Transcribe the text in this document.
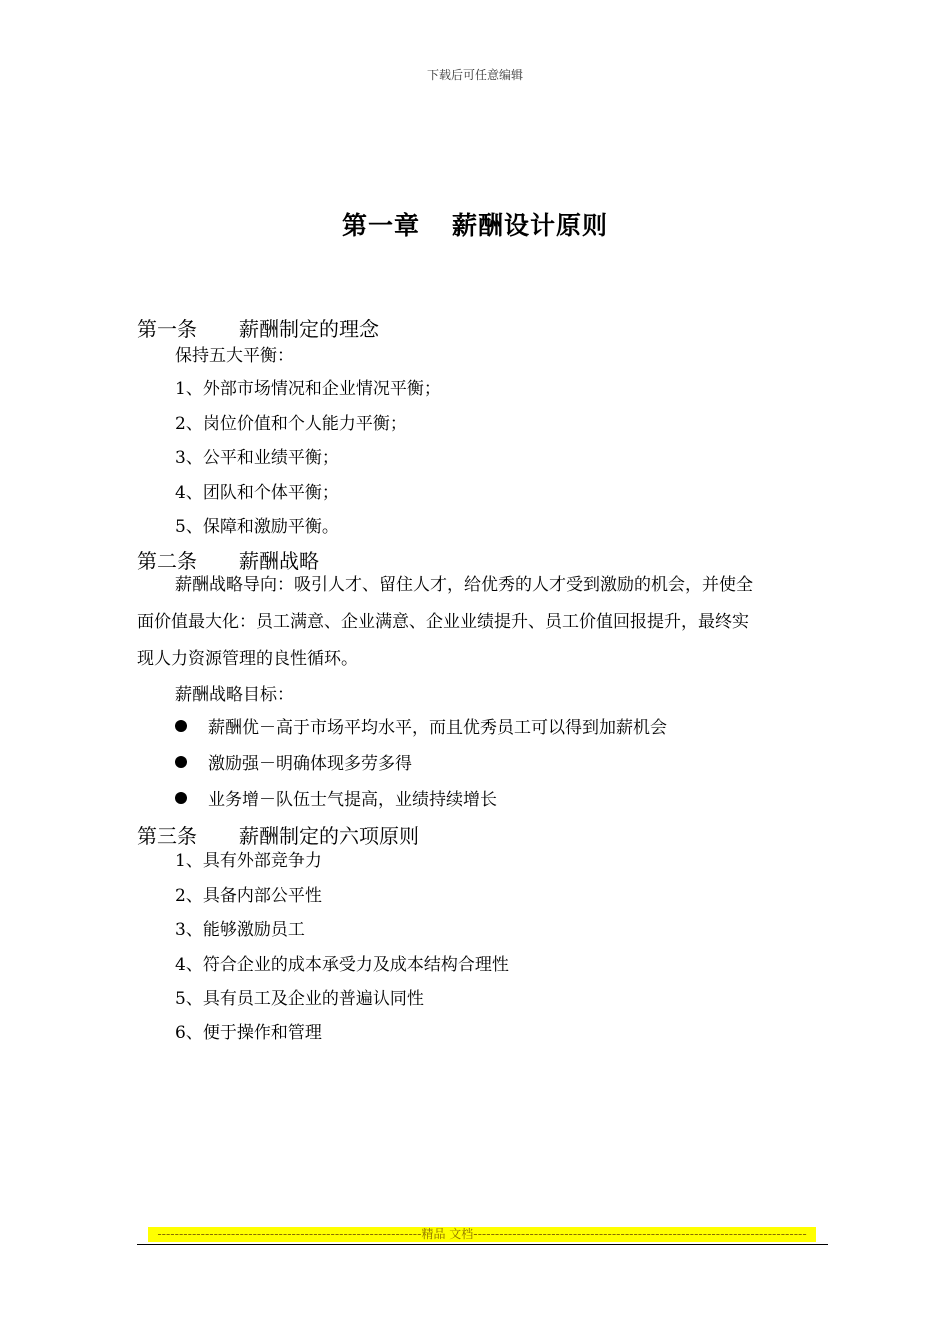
下载后可任意编辑
第一章 薪酬设计原则
第一条 薪酬制定的理念
保持五大平衡：
1、外部市场情况和企业情况平衡；
2、岗位价值和个人能力平衡；
3、公平和业绩平衡；
4、团队和个体平衡；
5、保障和激励平衡。
第二条 薪酬战略
薪酬战略导向：吸引人才、留住人才，给优秀的人才受到激励的机会，并使全
面价值最大化：员工满意、企业满意、企业业绩提升、员工价值回报提升，最终实
现人力资源管理的良性循环。
薪酬战略目标：
薪酬优－高于市场平均水平，而且优秀员工可以得到加薪机会
激励强－明确体现多劳多得
业务增－队伍士气提高，业绩持续增长
第三条 薪酬制定的六项原则
1、具有外部竞争力
2、具备内部公平性
3、能够激励员工
4、符合企业的成本承受力及成本结构合理性
5、具有员工及企业的普遍认同性
6、便于操作和管理
-------------------------------------------------------------精品 文档-----------------------------------------------------------------------------
